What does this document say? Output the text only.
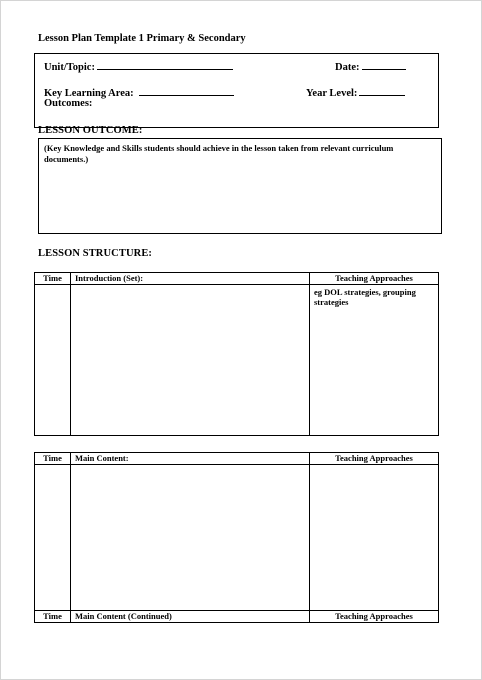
Lesson Plan Template 1 Primary & Secondary
Unit/Topic:	Date:
Key Learning Area:	Year Level:
Outcomes:
LESSON OUTCOME:
(Key Knowledge and Skills students should achieve in the lesson taken from relevant curriculum documents.)
LESSON STRUCTURE:
Time	Introduction (Set):	Teaching Approaches

		eg DOL strategies, grouping strategies
Time	Main Content:	Teaching Approaches

Time	Main Content (Continued)	Teaching Approaches
